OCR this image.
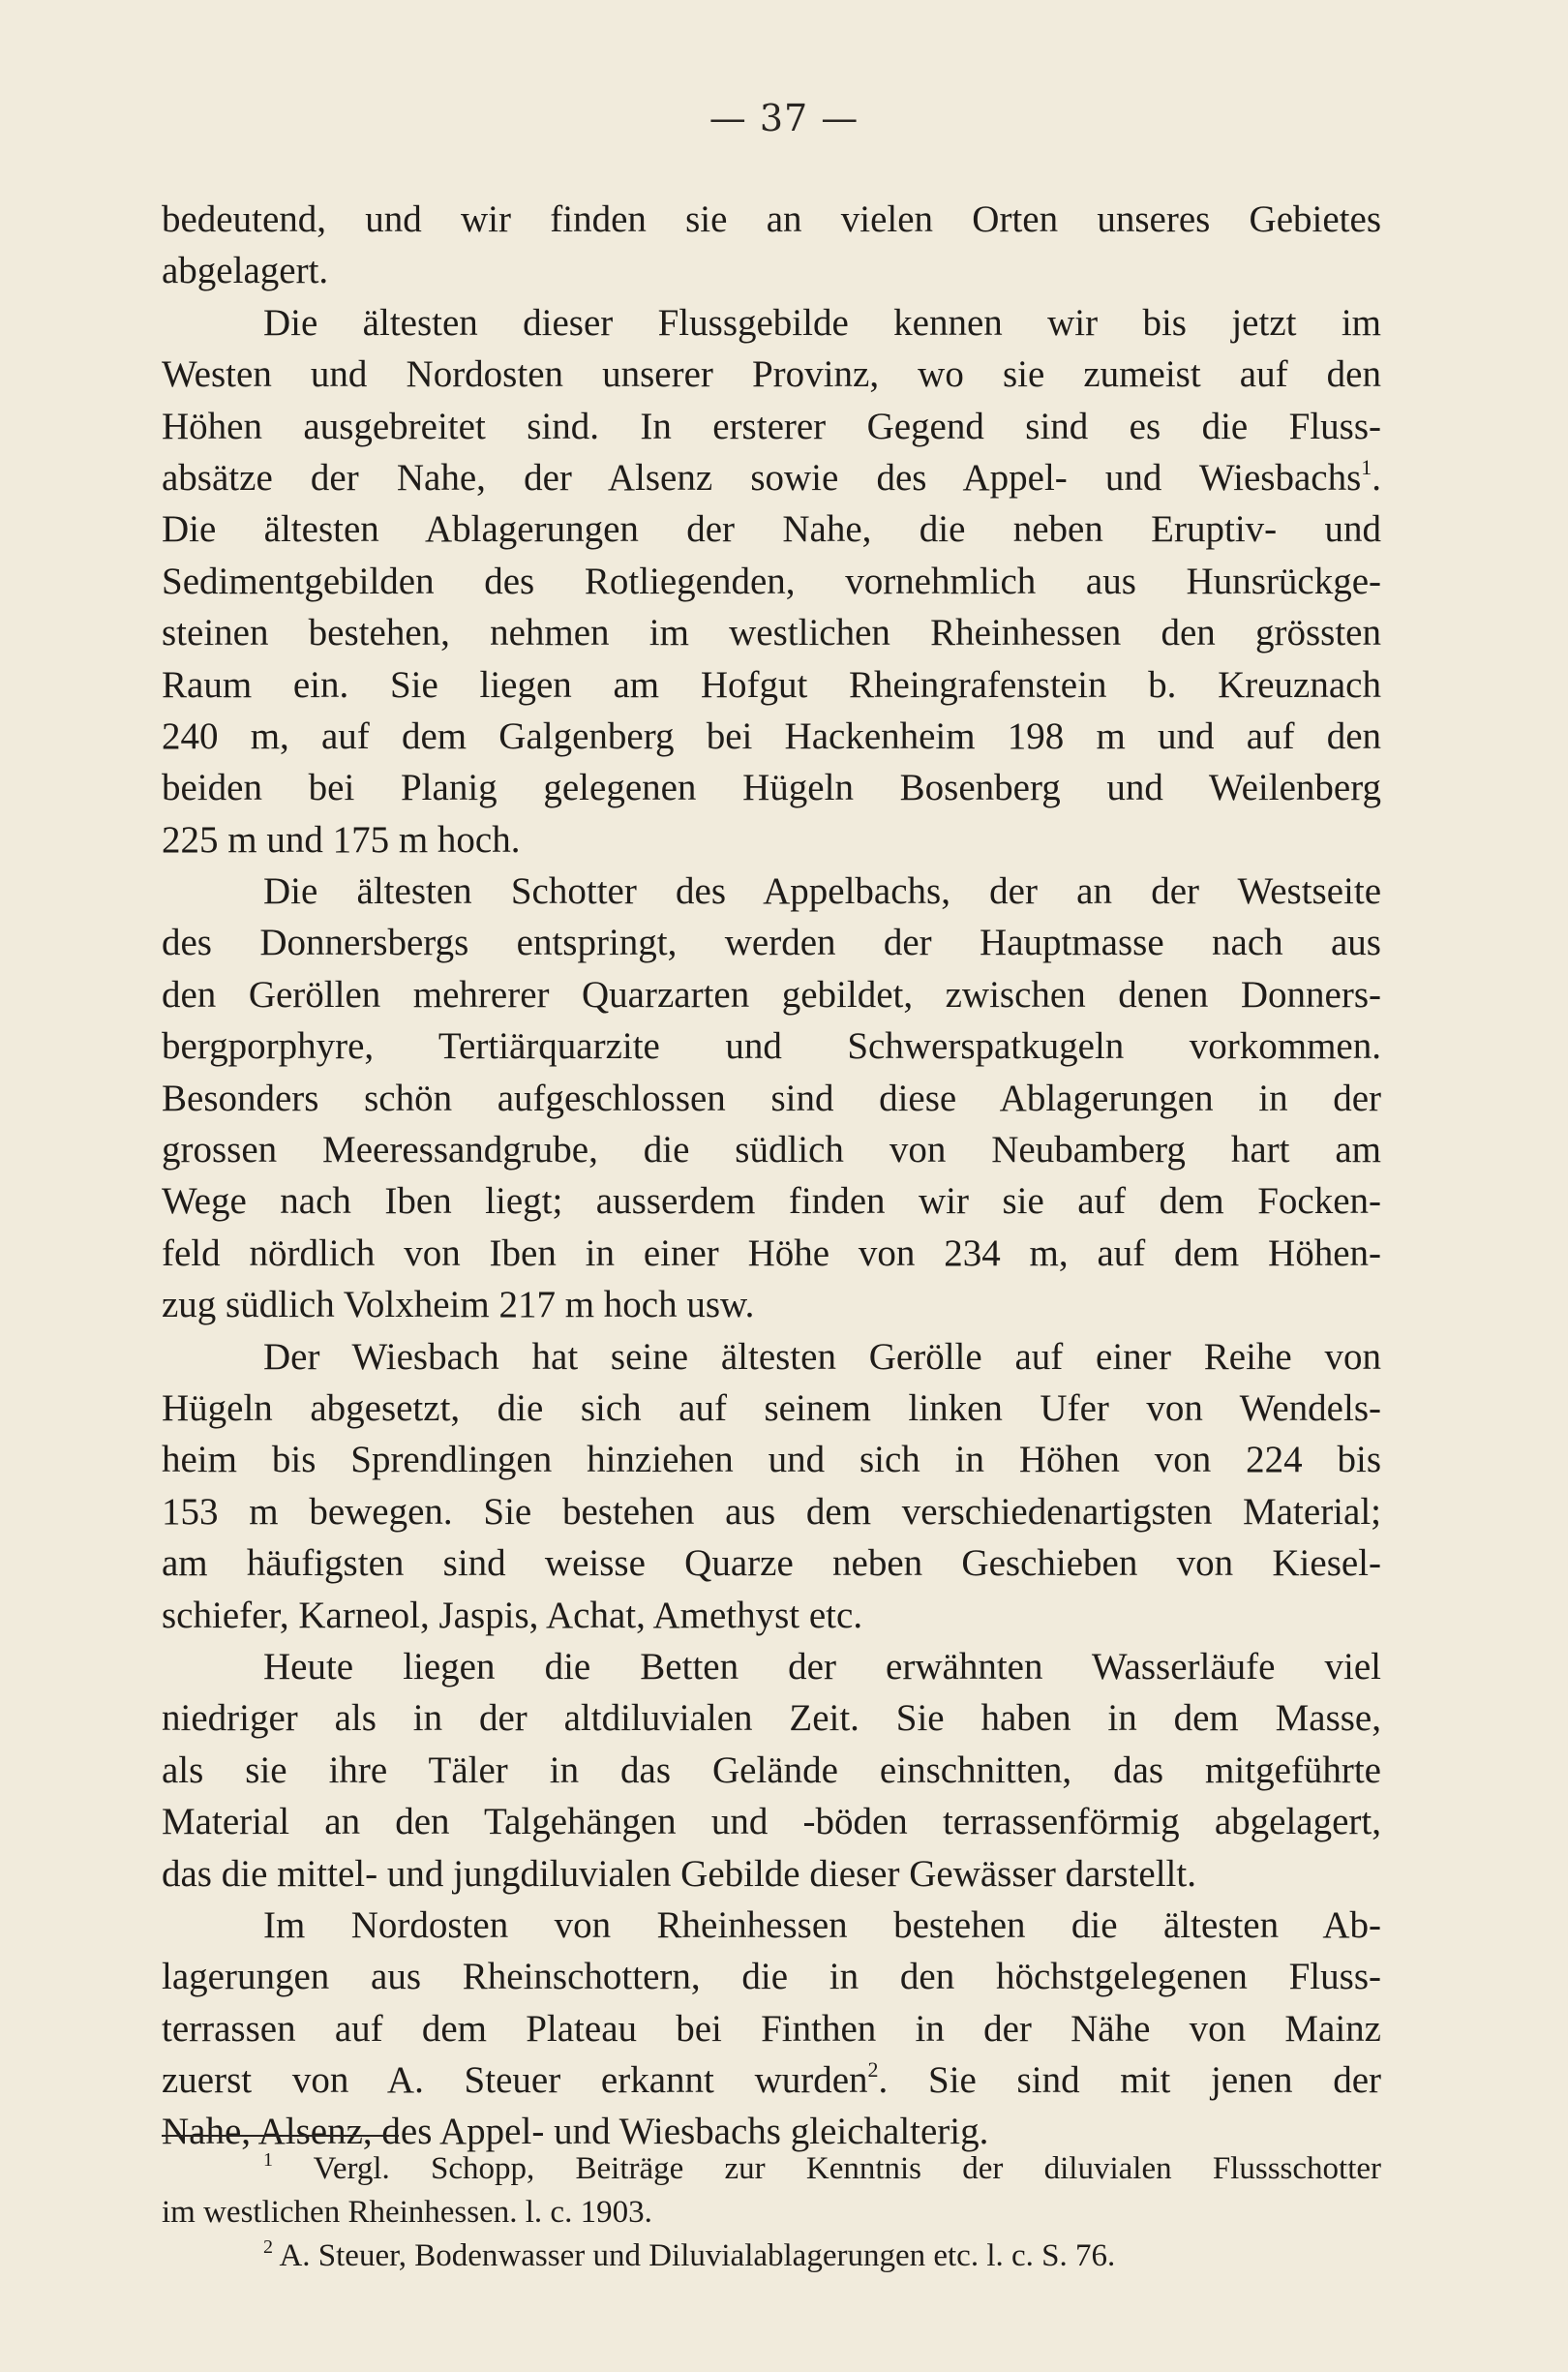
— 37 —
bedeutend, und wir finden sie an vielen Orten unseres Gebietes
abgelagert.
Die ältesten dieser Flussgebilde kennen wir bis jetzt im
Westen und Nordosten unserer Provinz, wo sie zumeist auf den
Höhen ausgebreitet sind. In ersterer Gegend sind es die Fluss-
absätze der Nahe, der Alsenz sowie des Appel- und Wiesbachs$^1$.
Die ältesten Ablagerungen der Nahe, die neben Eruptiv- und
Sedimentgebilden des Rotliegenden, vornehmlich aus Hunsrückge-
steinen bestehen, nehmen im westlichen Rheinhessen den grössten
Raum ein. Sie liegen am Hofgut Rheingrafenstein b. Kreuznach
240 m, auf dem Galgenberg bei Hackenheim 198 m und auf den
beiden bei Planig gelegenen Hügeln Bosenberg und Weilenberg
225 m und 175 m hoch.
Die ältesten Schotter des Appelbachs, der an der Westseite
des Donnersbergs entspringt, werden der Hauptmasse nach aus
den Geröllen mehrerer Quarzarten gebildet, zwischen denen Donners-
bergporphyre, Tertiärquarzite und Schwerspatkugeln vorkommen.
Besonders schön aufgeschlossen sind diese Ablagerungen in der
grossen Meeressandgrube, die südlich von Neubamberg hart am
Wege nach Iben liegt; ausserdem finden wir sie auf dem Focken-
feld nördlich von Iben in einer Höhe von 234 m, auf dem Höhen-
zug südlich Volxheim 217 m hoch usw.
Der Wiesbach hat seine ältesten Gerölle auf einer Reihe von
Hügeln abgesetzt, die sich auf seinem linken Ufer von Wendels-
heim bis Sprendlingen hinziehen und sich in Höhen von 224 bis
153 m bewegen. Sie bestehen aus dem verschiedenartigsten Material;
am häufigsten sind weisse Quarze neben Geschieben von Kiesel-
schiefer, Karneol, Jaspis, Achat, Amethyst etc.
Heute liegen die Betten der erwähnten Wasserläufe viel
niedriger als in der altdiluvialen Zeit. Sie haben in dem Masse,
als sie ihre Täler in das Gelände einschnitten, das mitgeführte
Material an den Talgehängen und -böden terrassenförmig abgelagert,
das die mittel- und jungdiluvialen Gebilde dieser Gewässer darstellt.
Im Nordosten von Rheinhessen bestehen die ältesten Ab-
lagerungen aus Rheinschottern, die in den höchstgelegenen Fluss-
terrassen auf dem Plateau bei Finthen in der Nähe von Mainz
zuerst von A. Steuer erkannt wurden$^2$. Sie sind mit jenen der
Nahe, Alsenz, des Appel- und Wiesbachs gleichalterig.
$^1$ Vergl. Schopp, Beiträge zur Kenntnis der diluvialen Flussschotter
im westlichen Rheinhessen. l. c. 1903.
$^2$ A. Steuer, Bodenwasser und Diluvialablagerungen etc. l. c. S. 76.
